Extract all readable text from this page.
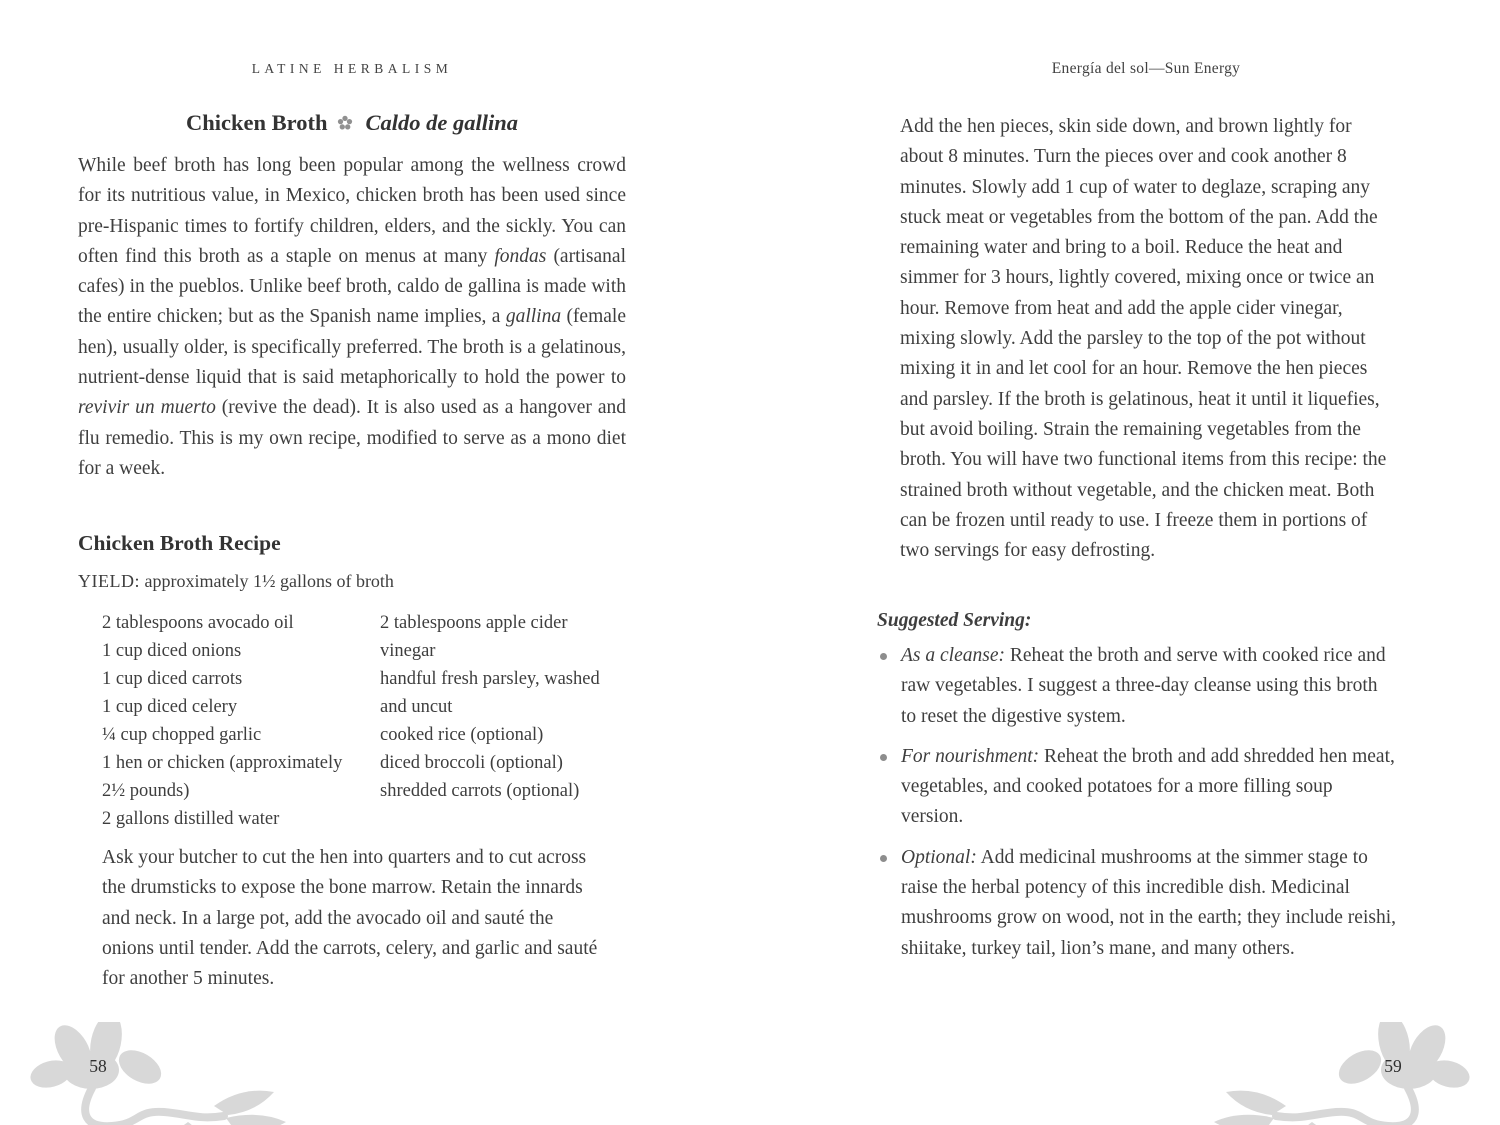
LATINE HERBALISM
Chicken Broth Caldo de gallina

While beef broth has long been popular among the wellness crowd for its nutritious value, in Mexico, chicken broth has been used since pre-Hispanic times to fortify children, elders, and the sickly. You can often find this broth as a staple on menus at many fondas (artisanal cafes) in the pueblos. Unlike beef broth, caldo de gallina is made with the entire chicken; but as the Spanish name implies, a gallina (female hen), usually older, is specifically preferred. The broth is a gelatinous, nutrient-dense liquid that is said metaphorically to hold the power to revivir un muerto (revive the dead). It is also used as a hangover and flu remedio. This is my own recipe, modified to serve as a mono diet for a week.

Chicken Broth Recipe

YIELD: approximately 1½ gallons of broth

2 tablespoons avocado oil
1 cup diced onions
1 cup diced carrots
1 cup diced celery
¼ cup chopped garlic
1 hen or chicken (approximately 2½ pounds)
2 gallons distilled water
2 tablespoons apple cider vinegar
handful fresh parsley, washed and uncut
cooked rice (optional)
diced broccoli (optional)
shredded carrots (optional)

Ask your butcher to cut the hen into quarters and to cut across the drumsticks to expose the bone marrow. Retain the innards and neck. In a large pot, add the avocado oil and sauté the onions until tender. Add the carrots, celery, and garlic and sauté for another 5 minutes.

58
Energía del sol—Sun Energy

Add the hen pieces, skin side down, and brown lightly for about 8 minutes. Turn the pieces over and cook another 8 minutes. Slowly add 1 cup of water to deglaze, scraping any stuck meat or vegetables from the bottom of the pan. Add the remaining water and bring to a boil. Reduce the heat and simmer for 3 hours, lightly covered, mixing once or twice an hour. Remove from heat and add the apple cider vinegar, mixing slowly. Add the parsley to the top of the pot without mixing it in and let cool for an hour. Remove the hen pieces and parsley. If the broth is gelatinous, heat it until it liquefies, but avoid boiling. Strain the remaining vegetables from the broth. You will have two functional items from this recipe: the strained broth without vegetable, and the chicken meat. Both can be frozen until ready to use. I freeze them in portions of two servings for easy defrosting.

Suggested Serving:
As a cleanse: Reheat the broth and serve with cooked rice and raw vegetables. I suggest a three-day cleanse using this broth to reset the digestive system.
For nourishment: Reheat the broth and add shredded hen meat, vegetables, and cooked potatoes for a more filling soup version.
Optional: Add medicinal mushrooms at the simmer stage to raise the herbal potency of this incredible dish. Medicinal mushrooms grow on wood, not in the earth; they include reishi, shiitake, turkey tail, lion’s mane, and many others.
59
